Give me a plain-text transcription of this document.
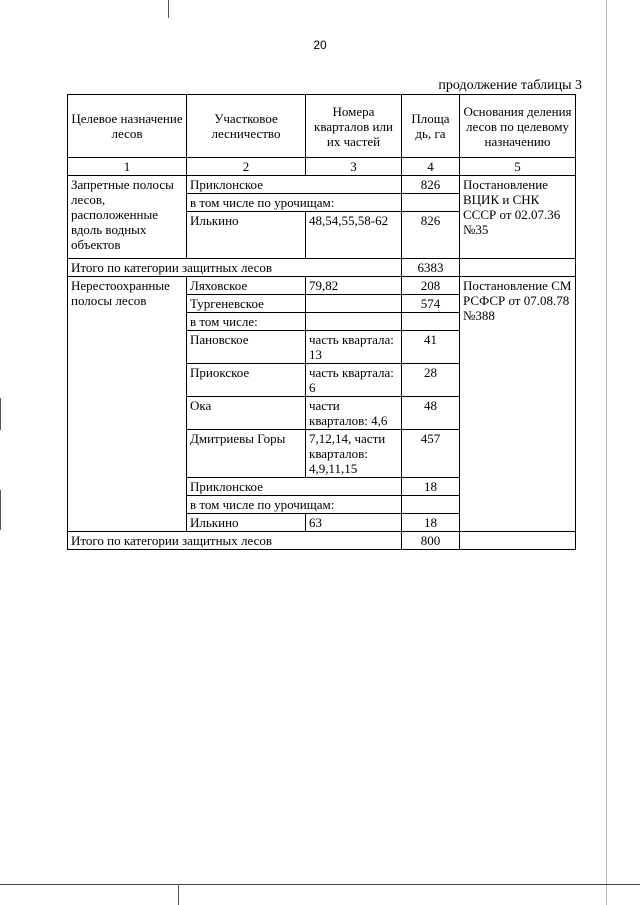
20
продолжение таблицы 3
Целевое назначение лесов	Участковое лесничество	Номера кварталов или их частей	Площа дь, га	Основания деления лесов по целевому назначению
1	2	3	4	5
Запретные полосы лесов, расположенные вдоль водных объектов	Приклонское		826	Постановление ВЦИК и СНК СССР от 02.07.36 №35
	в том числе по урочищам:			
	Илькино	48,54,55,58-62	826	
Итого по категории защитных лесов			6383	
Нерестоохранные полосы лесов	Ляховское	79,82	208	Постановление СМ РСФСР от 07.08.78 №388
	Тургеневское		574	
	в том числе:			
	Пановское	часть квартала: 13	41	
	Приокское	часть квартала: 6	28	
	Ока	части кварталов: 4,6	48	
	Дмитриевы Горы	7,12,14, части кварталов: 4,9,11,15	457	
	Приклонское		18	
	в том числе по урочищам:			
	Илькино	63	18	
Итого по категории защитных лесов			800	
